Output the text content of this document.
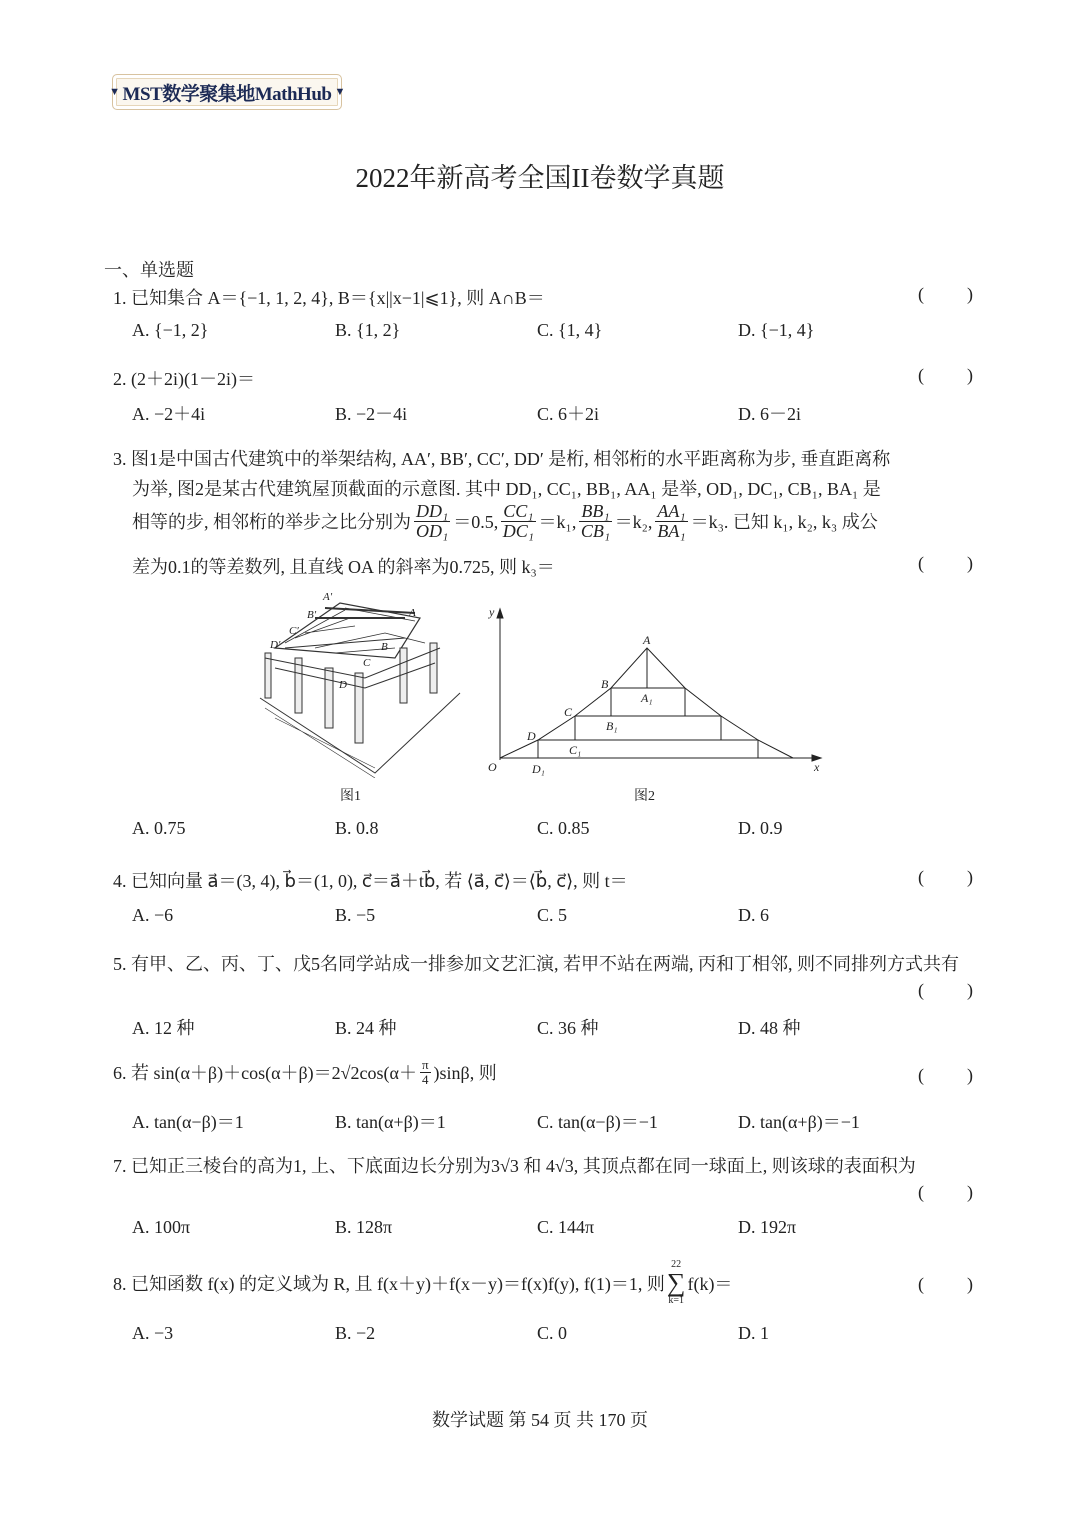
▼ MST数学聚集地MathHub ▼
2022年新高考全国II卷数学真题
一、单选题
1. 已知集合 A＝{−1, 1, 2, 4}, B＝{x||x−1|⩽1}, 则 A∩B＝	( )
A. {−1, 2}	B. {1, 2}	C. {1, 4}	D. {−1, 4}
2. (2＋2i)(1－2i)＝	( )
A. −2＋4i	B. −2－4i	C. 6＋2i	D. 6－2i
3. 图1是中国古代建筑中的举架结构, AA′, BB′, CC′, DD′ 是桁, 相邻桁的水平距离称为步, 垂直距离称
为举, 图2是某古代建筑屋顶截面的示意图. 其中 DD₁, CC₁, BB₁, AA₁ 是举, OD₁, DC₁, CB₁, BA₁ 是
相等的步, 相邻桁的举步之比分别为 $\frac{\text{DD₁}}{\text{OD₁}} =0.5$, $\frac{\text{CC₁}}{\text{DC₁}} =k_1$, $\frac{\text{BB₁}}{\text{CB₁}} =k_2$, $\frac{\text{AA₁}}{\text{BA₁}} =k_3$. 已知 k₁, k₂, k₃ 成公
差为0.1的等差数列, 且直线 OA 的斜率为0.725, 则 k₃＝	( )
A′
B′
C′
D′
A
B
C
D
图1
y
x
O
A
B
C
D
A₁
B₁
C₁
D₁
图2
A. 0.75	B. 0.8	C. 0.85	D. 0.9
4. 已知向量 a⃗＝(3, 4), b⃗＝(1, 0), c⃗＝a⃗＋tb⃗, 若 ⟨a⃗, c⃗⟩＝⟨b⃗, c⃗⟩, 则 t＝	( )
A. −6	B. −5	C. 5	D. 6
5. 有甲、乙、丙、丁、戊5名同学站成一排参加文艺汇演, 若甲不站在两端, 丙和丁相邻, 则不同排列方式共有
( )
A. 12 种	B. 24 种	C. 36 种	D. 48 种
6. 若 $\sin(\alpha+\beta)+\cos(\alpha+\beta)=2√2\cos(\alpha+ \frac{\pi}{4} )\sin\beta$, 则	( )
A. tan(α−β)＝1	B. tan(α+β)＝1	C. tan(α−β)＝−1	D. tan(α+β)＝−1
7. 已知正三棱台的高为1, 上、下底面边长分别为3√3 和 4√3, 其顶点都在同一球面上, 则该球的表面积为
( )
A. 100π	B. 128π	C. 144π	D. 192π
8. 已知函数 f(x) 的定义域为 R, 且 f(x＋y)＋f(x－y)＝f(x)f(y), f(1)＝1, 则
22
∑
k=1
f(k)＝	( )
A. −3	B. −2	C. 0	D. 1
数学试题 第 54 页 共 170 页
